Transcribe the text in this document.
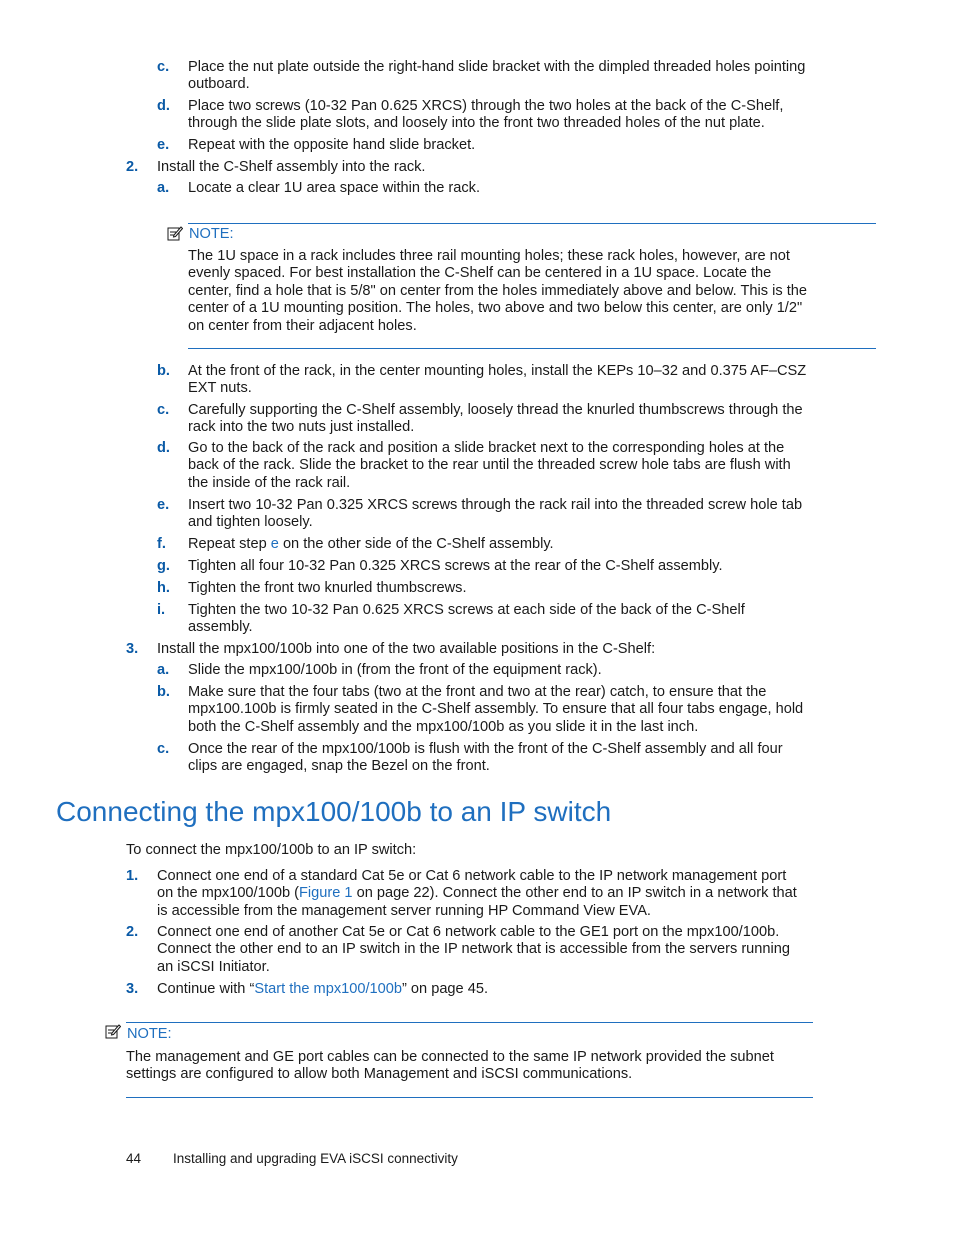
c.	Place the nut plate outside the right-hand slide bracket with the dimpled threaded holes pointing outboard.
d.	Place two screws (10-32 Pan 0.625 XRCS) through the two holes at the back of the C-Shelf, through the slide plate slots, and loosely into the front two threaded holes of the nut plate.
e.	Repeat with the opposite hand slide bracket.
2.	Install the C-Shelf assembly into the rack.
a.	Locate a clear 1U area space within the rack.
NOTE:
The 1U space in a rack includes three rail mounting holes; these rack holes, however, are not evenly spaced. For best installation the C-Shelf can be centered in a 1U space. Locate the center, find a hole that is 5/8" on center from the holes immediately above and below. This is the center of a 1U mounting position. The holes, two above and two below this center, are only 1/2" on center from their adjacent holes.
b.	At the front of the rack, in the center mounting holes, install the KEPs 10–32 and 0.375 AF–CSZ EXT nuts.
c.	Carefully supporting the C-Shelf assembly, loosely thread the knurled thumbscrews through the rack into the two nuts just installed.
d.	Go to the back of the rack and position a slide bracket next to the corresponding holes at the back of the rack. Slide the bracket to the rear until the threaded screw hole tabs are flush with the inside of the rack rail.
e.	Insert two 10-32 Pan 0.325 XRCS screws through the rack rail into the threaded screw hole tab and tighten loosely.
f.	Repeat step e on the other side of the C-Shelf assembly.
g.	Tighten all four 10-32 Pan 0.325 XRCS screws at the rear of the C-Shelf assembly.
h.	Tighten the front two knurled thumbscrews.
i.	Tighten the two 10-32 Pan 0.625 XRCS screws at each side of the back of the C-Shelf assembly.
3.	Install the mpx100/100b into one of the two available positions in the C-Shelf:
a.	Slide the mpx100/100b in (from the front of the equipment rack).
b.	Make sure that the four tabs (two at the front and two at the rear) catch, to ensure that the mpx100.100b is firmly seated in the C-Shelf assembly. To ensure that all four tabs engage, hold both the C-Shelf assembly and the mpx100/100b as you slide it in the last inch.
c.	Once the rear of the mpx100/100b is flush with the front of the C-Shelf assembly and all four clips are engaged, snap the Bezel on the front.
Connecting the mpx100/100b to an IP switch
To connect the mpx100/100b to an IP switch:
1.	Connect one end of a standard Cat 5e or Cat 6 network cable to the IP network management port on the mpx100/100b (Figure 1 on page 22). Connect the other end to an IP switch in a network that is accessible from the management server running HP Command View EVA.
2.	Connect one end of another Cat 5e or Cat 6 network cable to the GE1 port on the mpx100/100b. Connect the other end to an IP switch in the IP network that is accessible from the servers running an iSCSI Initiator.
3.	Continue with “Start the mpx100/100b” on page 45.
NOTE:
The management and GE port cables can be connected to the same IP network provided the subnet settings are configured to allow both Management and iSCSI communications.
44 Installing and upgrading EVA iSCSI connectivity
